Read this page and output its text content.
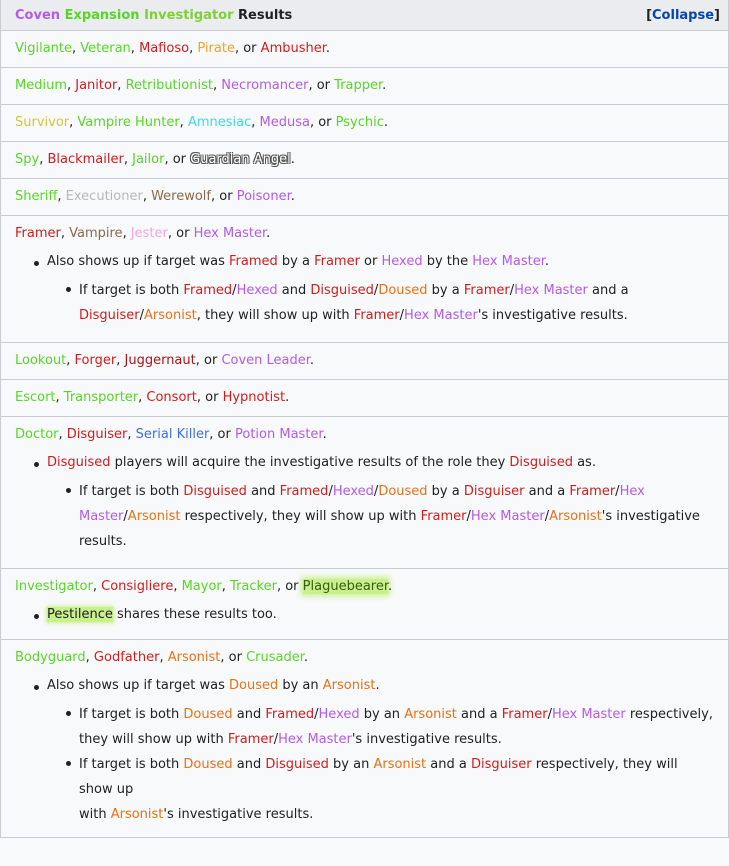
Coven Expansion Investigator Results	[Collapse]
Vigilante, Veteran, Mafioso, Pirate, or Ambusher.
Medium, Janitor, Retributionist, Necromancer, or Trapper.
Survivor, Vampire Hunter, Amnesiac, Medusa, or Psychic.
Spy, Blackmailer, Jailor, or Guardian Angel.
Sheriff, Executioner, Werewolf, or Poisoner.
Framer, Vampire, Jester, or Hex Master.
Also shows up if target was Framed by a Framer or Hexed by the Hex Master.
If target is both Framed/Hexed and Disguised/Doused by a Framer/Hex Master and a
Disguiser/Arsonist, they will show up with Framer/Hex Master's investigative results.
Lookout, Forger, Juggernaut, or Coven Leader.
Escort, Transporter, Consort, or Hypnotist.
Doctor, Disguiser, Serial Killer, or Potion Master.
Disguised players will acquire the investigative results of the role they Disguised as.
If target is both Disguised and Framed/Hexed/Doused by a Disguiser and a Framer/Hex
Master/Arsonist respectively, they will show up with Framer/Hex Master/Arsonist's investigative
results.
Investigator, Consigliere, Mayor, Tracker, or Plaguebearer.
Pestilence shares these results too.
Bodyguard, Godfather, Arsonist, or Crusader.
Also shows up if target was Doused by an Arsonist.
If target is both Doused and Framed/Hexed by an Arsonist and a Framer/Hex Master respectively,
they will show up with Framer/Hex Master's investigative results.
If target is both Doused and Disguised by an Arsonist and a Disguiser respectively, they will show up
with Arsonist's investigative results.
